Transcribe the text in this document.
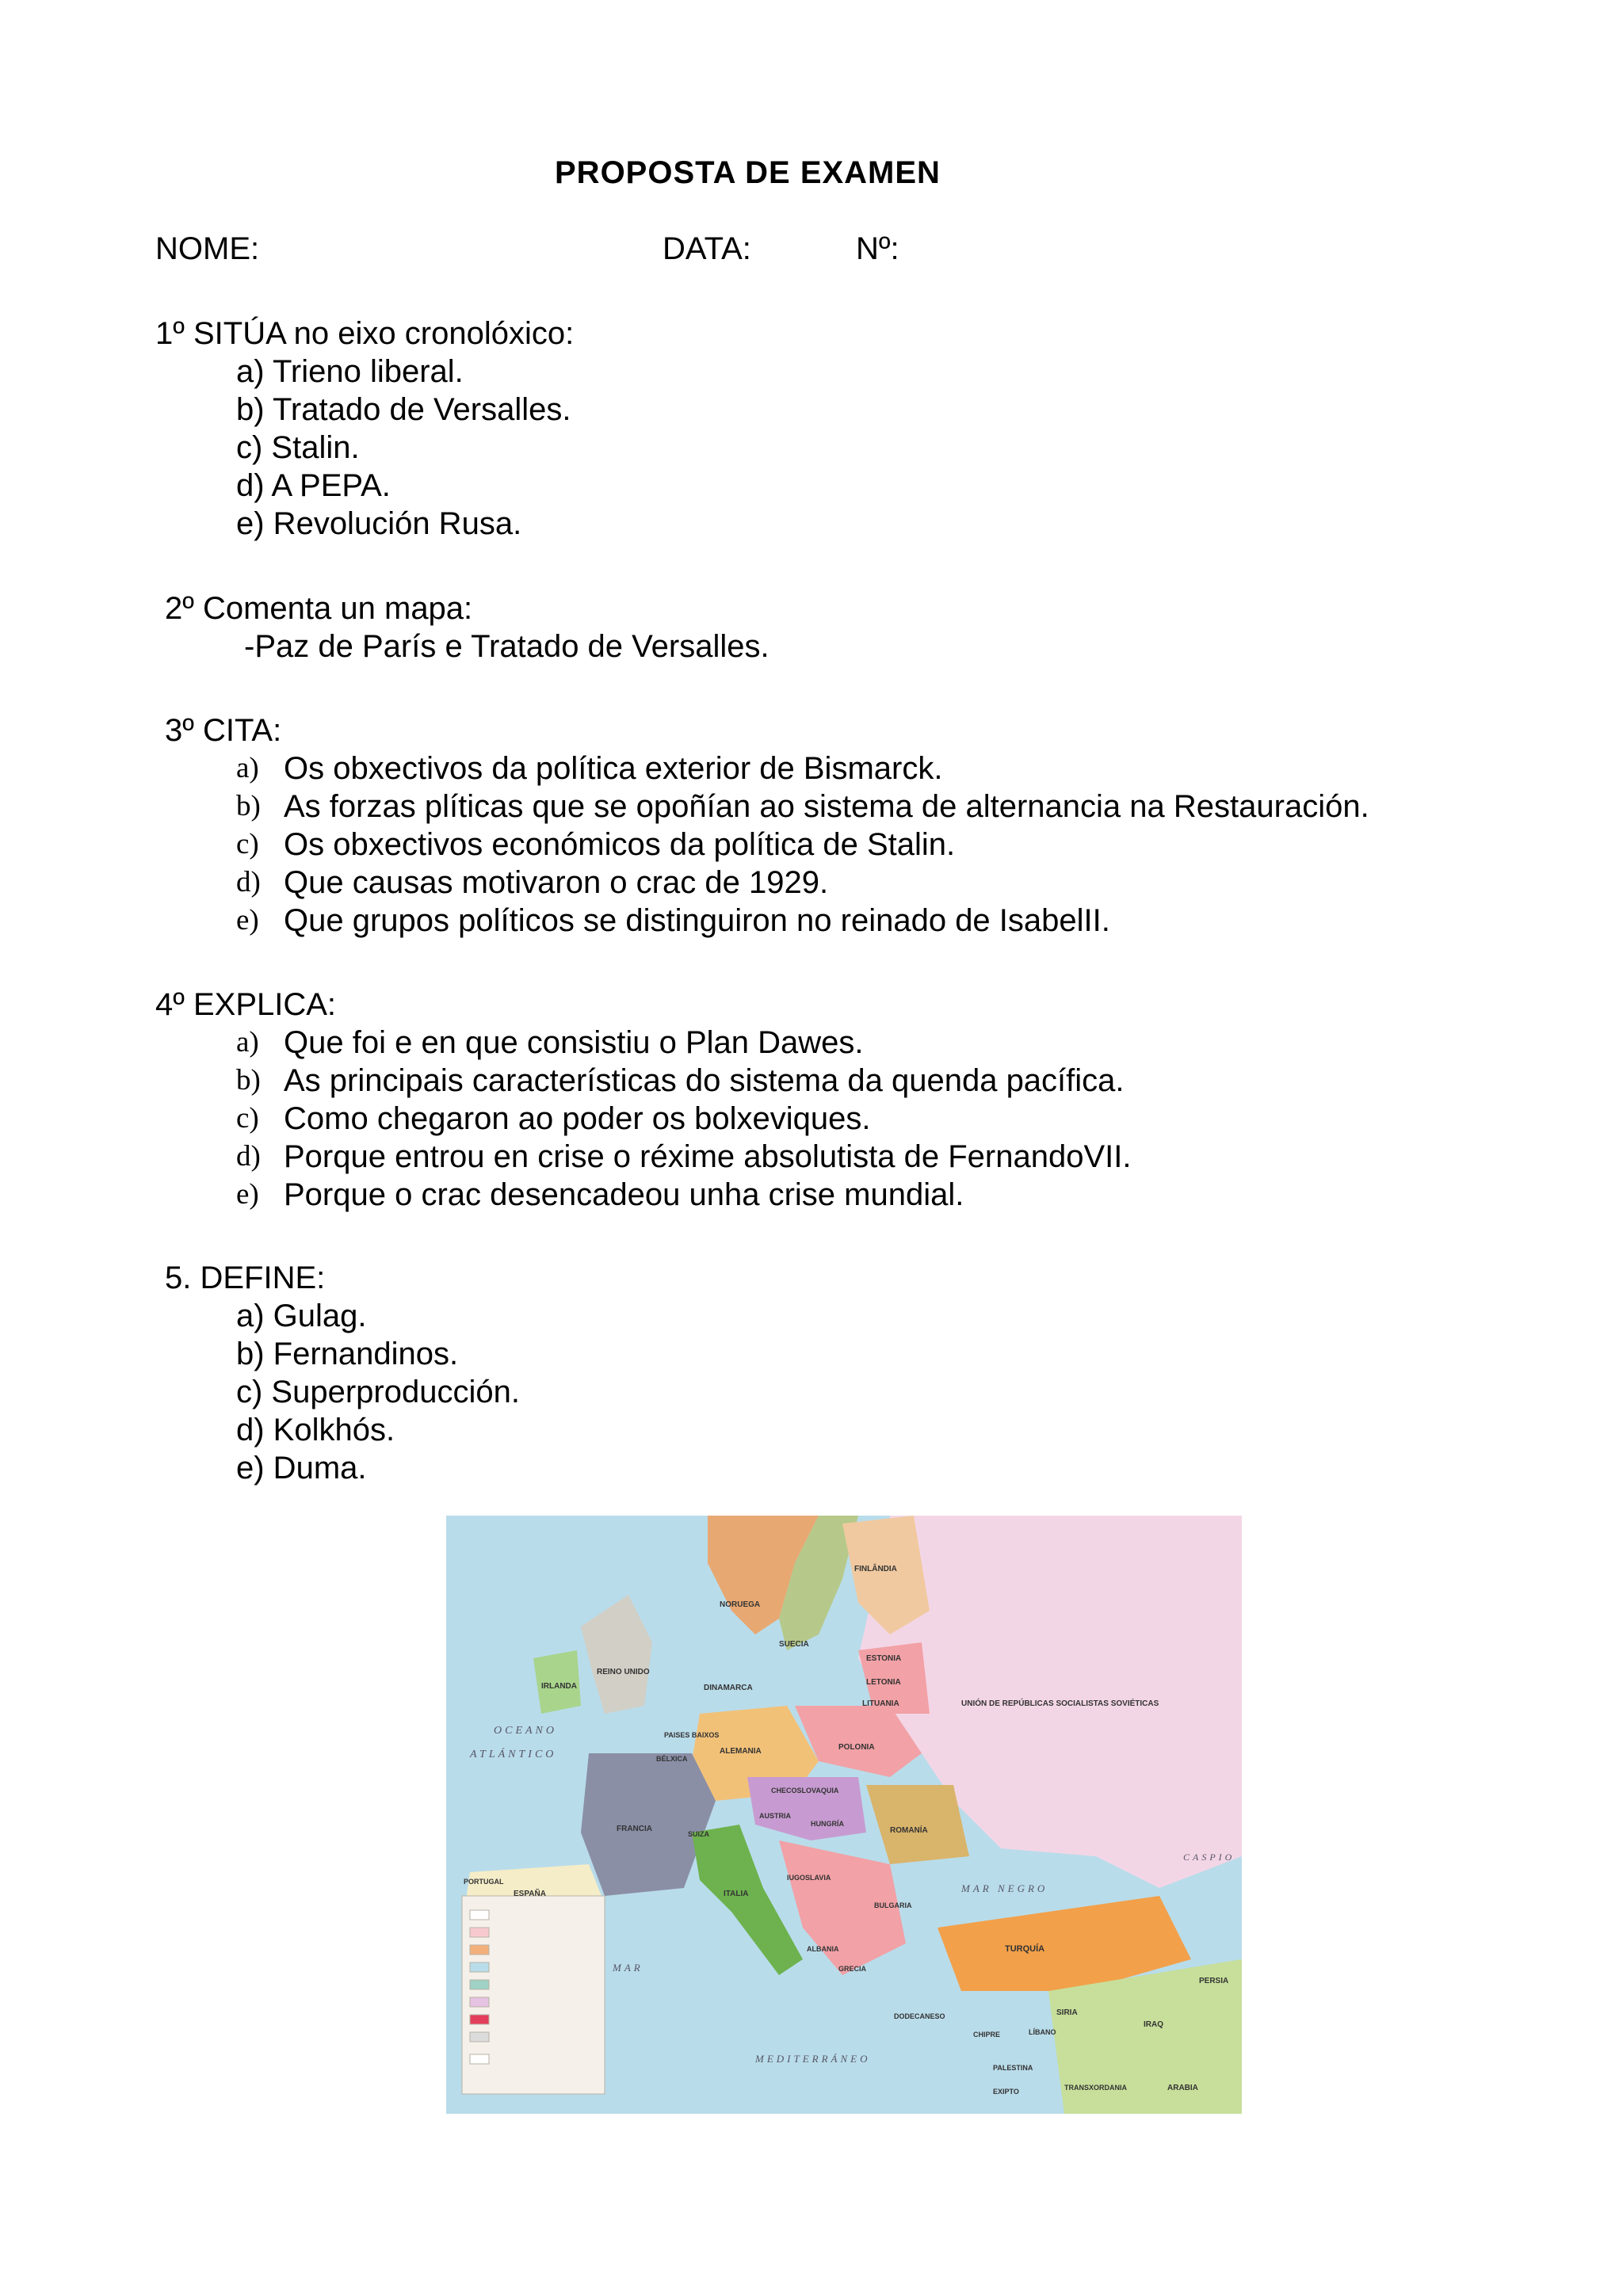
PROPOSTA DE EXAMEN
NOME:	DATA:	Nº:
1º SITÚA no eixo cronolóxico:
a) Trieno liberal.
b) Tratado de Versalles.
c) Stalin.
d) A PEPA.
e) Revolución Rusa.
2º Comenta un mapa:
-Paz de París e Tratado de Versalles.
3º CITA:
a) Os obxectivos da política exterior de Bismarck.
b) As forzas plíticas que se opoñían ao sistema de alternancia na Restauración.
c) Os obxectivos económicos da política de Stalin.
d) Que causas motivaron o crac de 1929.
e) Que grupos políticos se distinguiron no reinado de IsabelII.
4º EXPLICA:
a) Que foi e en que consistiu o Plan Dawes.
b) As principais características do sistema da quenda pacífica.
c) Como chegaron ao poder os bolxeviques.
d) Porque entrou en crise o réxime absolutista de FernandoVII.
e) Porque o crac desencadeou unha crise mundial.
5. DEFINE:
a) Gulag.
b) Fernandinos.
c) Superproducción.
d) Kolkhós.
e) Duma.
OCEANO
ATLÁNTICO
IRLANDA
REINO UNIDO
NORUEGA
SUECIA
FINLÂNDIA
ESTONIA
LETONIA
LITUANIA	UNIÓN DE REPÚBLICAS SOCIALISTAS SOVIÉTICAS
DINAMARCA
PAISES BAIXOS
BÉLXICA
ALEMANIA	POLONIA
CHECOSLOVAQUIA
AUSTRIA
HUNGRÍA
ROMANÍA
FRANCIA
SUIZA
ITALIA
IUGOSLAVIA
BULGARIA
ALBANIA
GRECIA
TURQUÍA
PORTUGAL
ESPAÑA	MAR NEGRO
CASPIO
MEDITERRÁNEO
MAR
SIRIA
LÍBANO
IRAQ
PERSIA
CHIPRE
PALESTINA
TRANSXORDANIA	ARABIA
EXIPTO
DODECANESO
